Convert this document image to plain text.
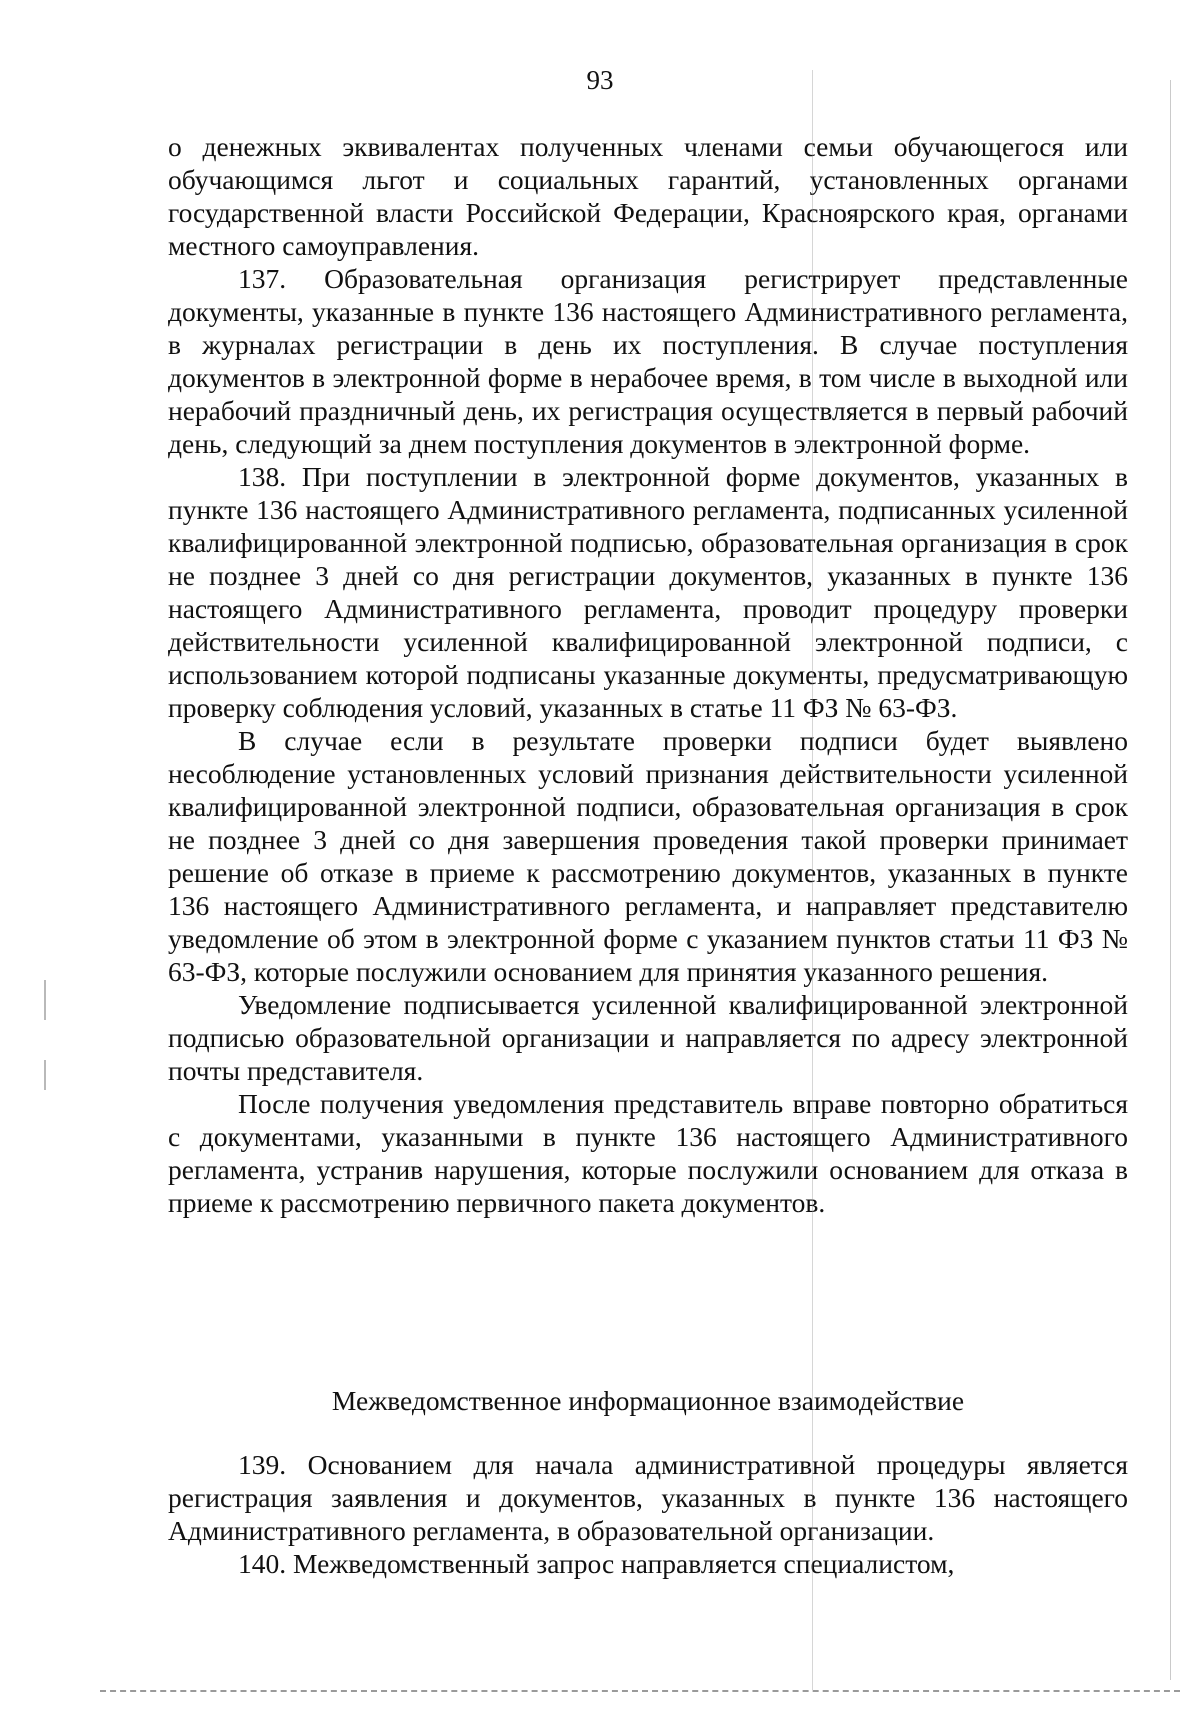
93

о денежных эквивалентах полученных членами семьи обучающегося или обучающимся льгот и социальных гарантий, установленных органами государственной власти Российской Федерации, Красноярского края, органами местного самоуправления.

137. Образовательная организация регистрирует представленные документы, указанные в пункте 136 настоящего Административного регламента, в журналах регистрации в день их поступления. В случае поступления документов в электронной форме в нерабочее время, в том числе в выходной или нерабочий праздничный день, их регистрация осуществляется в первый рабочий день, следующий за днем поступления документов в электронной форме.

138. При поступлении в электронной форме документов, указанных в пункте 136 настоящего Административного регламента, подписанных усиленной квалифицированной электронной подписью, образовательная организация в срок не позднее 3 дней со дня регистрации документов, указанных в пункте 136 настоящего Административного регламента, проводит процедуру проверки действительности усиленной квалифицированной электронной подписи, с использованием которой подписаны указанные документы, предусматривающую проверку соблюдения условий, указанных в статье 11 ФЗ № 63-ФЗ.

В случае если в результате проверки подписи будет выявлено несоблюдение установленных условий признания действительности усиленной квалифицированной электронной подписи, образовательная организация в срок не позднее 3 дней со дня завершения проведения такой проверки принимает решение об отказе в приеме к рассмотрению документов, указанных в пункте 136 настоящего Административного регламента, и направляет представителю уведомление об этом в электронной форме с указанием пунктов статьи 11 ФЗ № 63-ФЗ, которые послужили основанием для принятия указанного решения.

Уведомление подписывается усиленной квалифицированной электронной подписью образовательной организации и направляется по адресу электронной почты представителя.

После получения уведомления представитель вправе повторно обратиться с документами, указанными в пункте 136 настоящего Административного регламента, устранив нарушения, которые послужили основанием для отказа в приеме к рассмотрению первичного пакета документов.

Межведомственное информационное взаимодействие

139. Основанием для начала административной процедуры является регистрация заявления и документов, указанных в пункте 136 настоящего Административного регламента, в образовательной организации.

140. Межведомственный запрос направляется специалистом,
